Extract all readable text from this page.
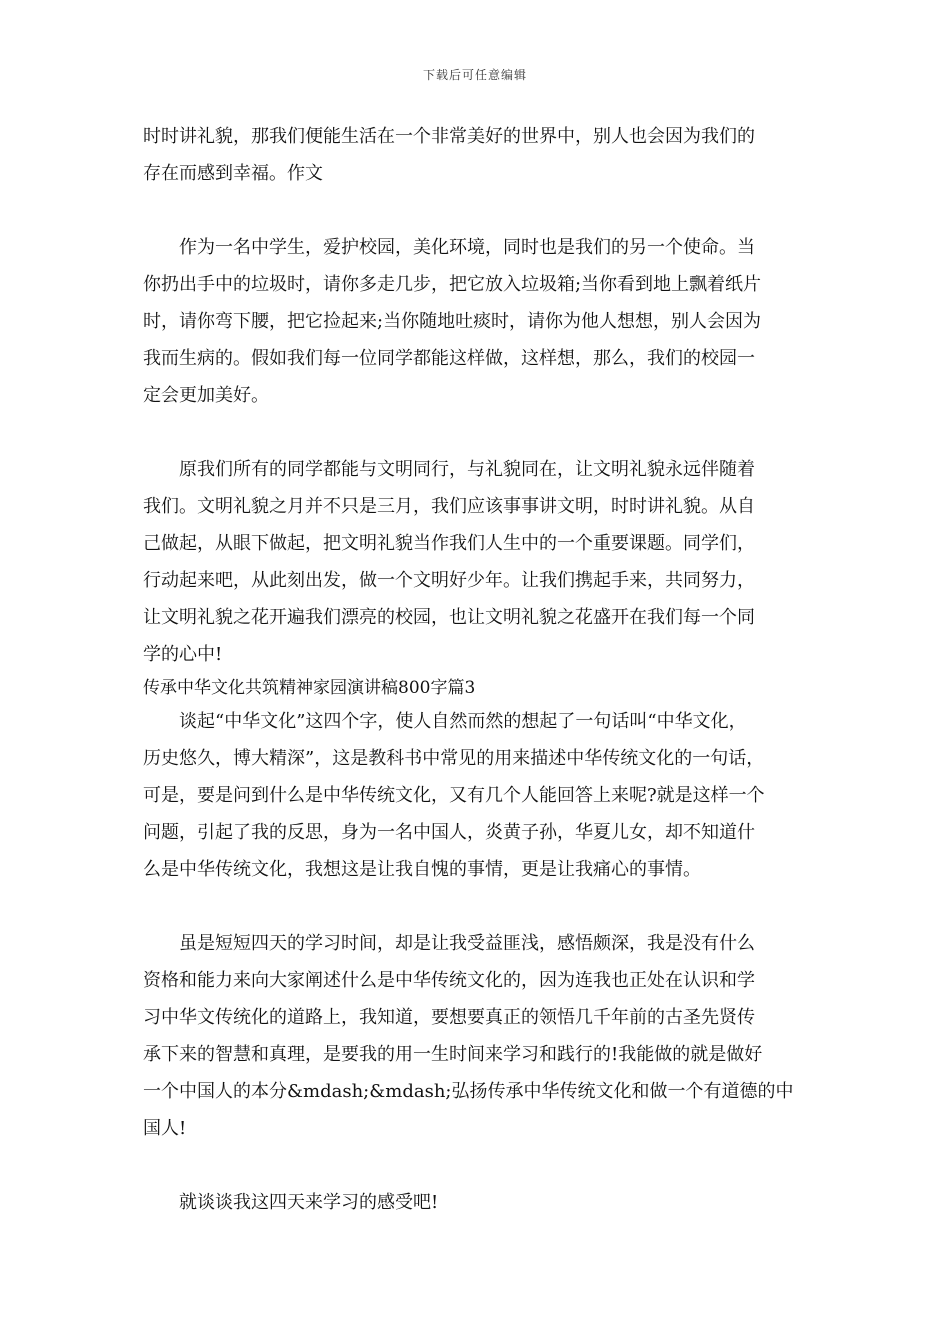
下载后可任意编辑

时时讲礼貌，那我们便能生活在一个非常美好的世界中，别人也会因为我们的
存在而感到幸福。作文

作为一名中学生，爱护校园，美化环境，同时也是我们的另一个使命。当
你扔出手中的垃圾时，请你多走几步，把它放入垃圾箱;当你看到地上飘着纸片
时，请你弯下腰，把它捡起来;当你随地吐痰时，请你为他人想想，别人会因为
我而生病的。假如我们每一位同学都能这样做，这样想，那么，我们的校园一
定会更加美好。

原我们所有的同学都能与文明同行，与礼貌同在，让文明礼貌永远伴随着
我们。文明礼貌之月并不只是三月，我们应该事事讲文明，时时讲礼貌。从自
己做起，从眼下做起，把文明礼貌当作我们人生中的一个重要课题。同学们，
行动起来吧，从此刻出发，做一个文明好少年。让我们携起手来，共同努力，
让文明礼貌之花开遍我们漂亮的校园，也让文明礼貌之花盛开在我们每一个同
学的心中!

传承中华文化共筑精神家园演讲稿800字篇3

谈起“中华文化”这四个字，使人自然而然的想起了一句话叫“中华文化，
历史悠久，博大精深”，这是教科书中常见的用来描述中华传统文化的一句话，
可是，要是问到什么是中华传统文化，又有几个人能回答上来呢?就是这样一个
问题，引起了我的反思，身为一名中国人，炎黄子孙，华夏儿女，却不知道什
么是中华传统文化，我想这是让我自愧的事情，更是让我痛心的事情。

虽是短短四天的学习时间，却是让我受益匪浅，感悟颇深，我是没有什么
资格和能力来向大家阐述什么是中华传统文化的，因为连我也正处在认识和学
习中华文传统化的道路上，我知道，要想要真正的领悟几千年前的古圣先贤传
承下来的智慧和真理，是要我的用一生时间来学习和践行的!我能做的就是做好
一个中国人的本分&mdash;&mdash;弘扬传承中华传统文化和做一个有道德的中
国人!

就谈谈我这四天来学习的感受吧!
